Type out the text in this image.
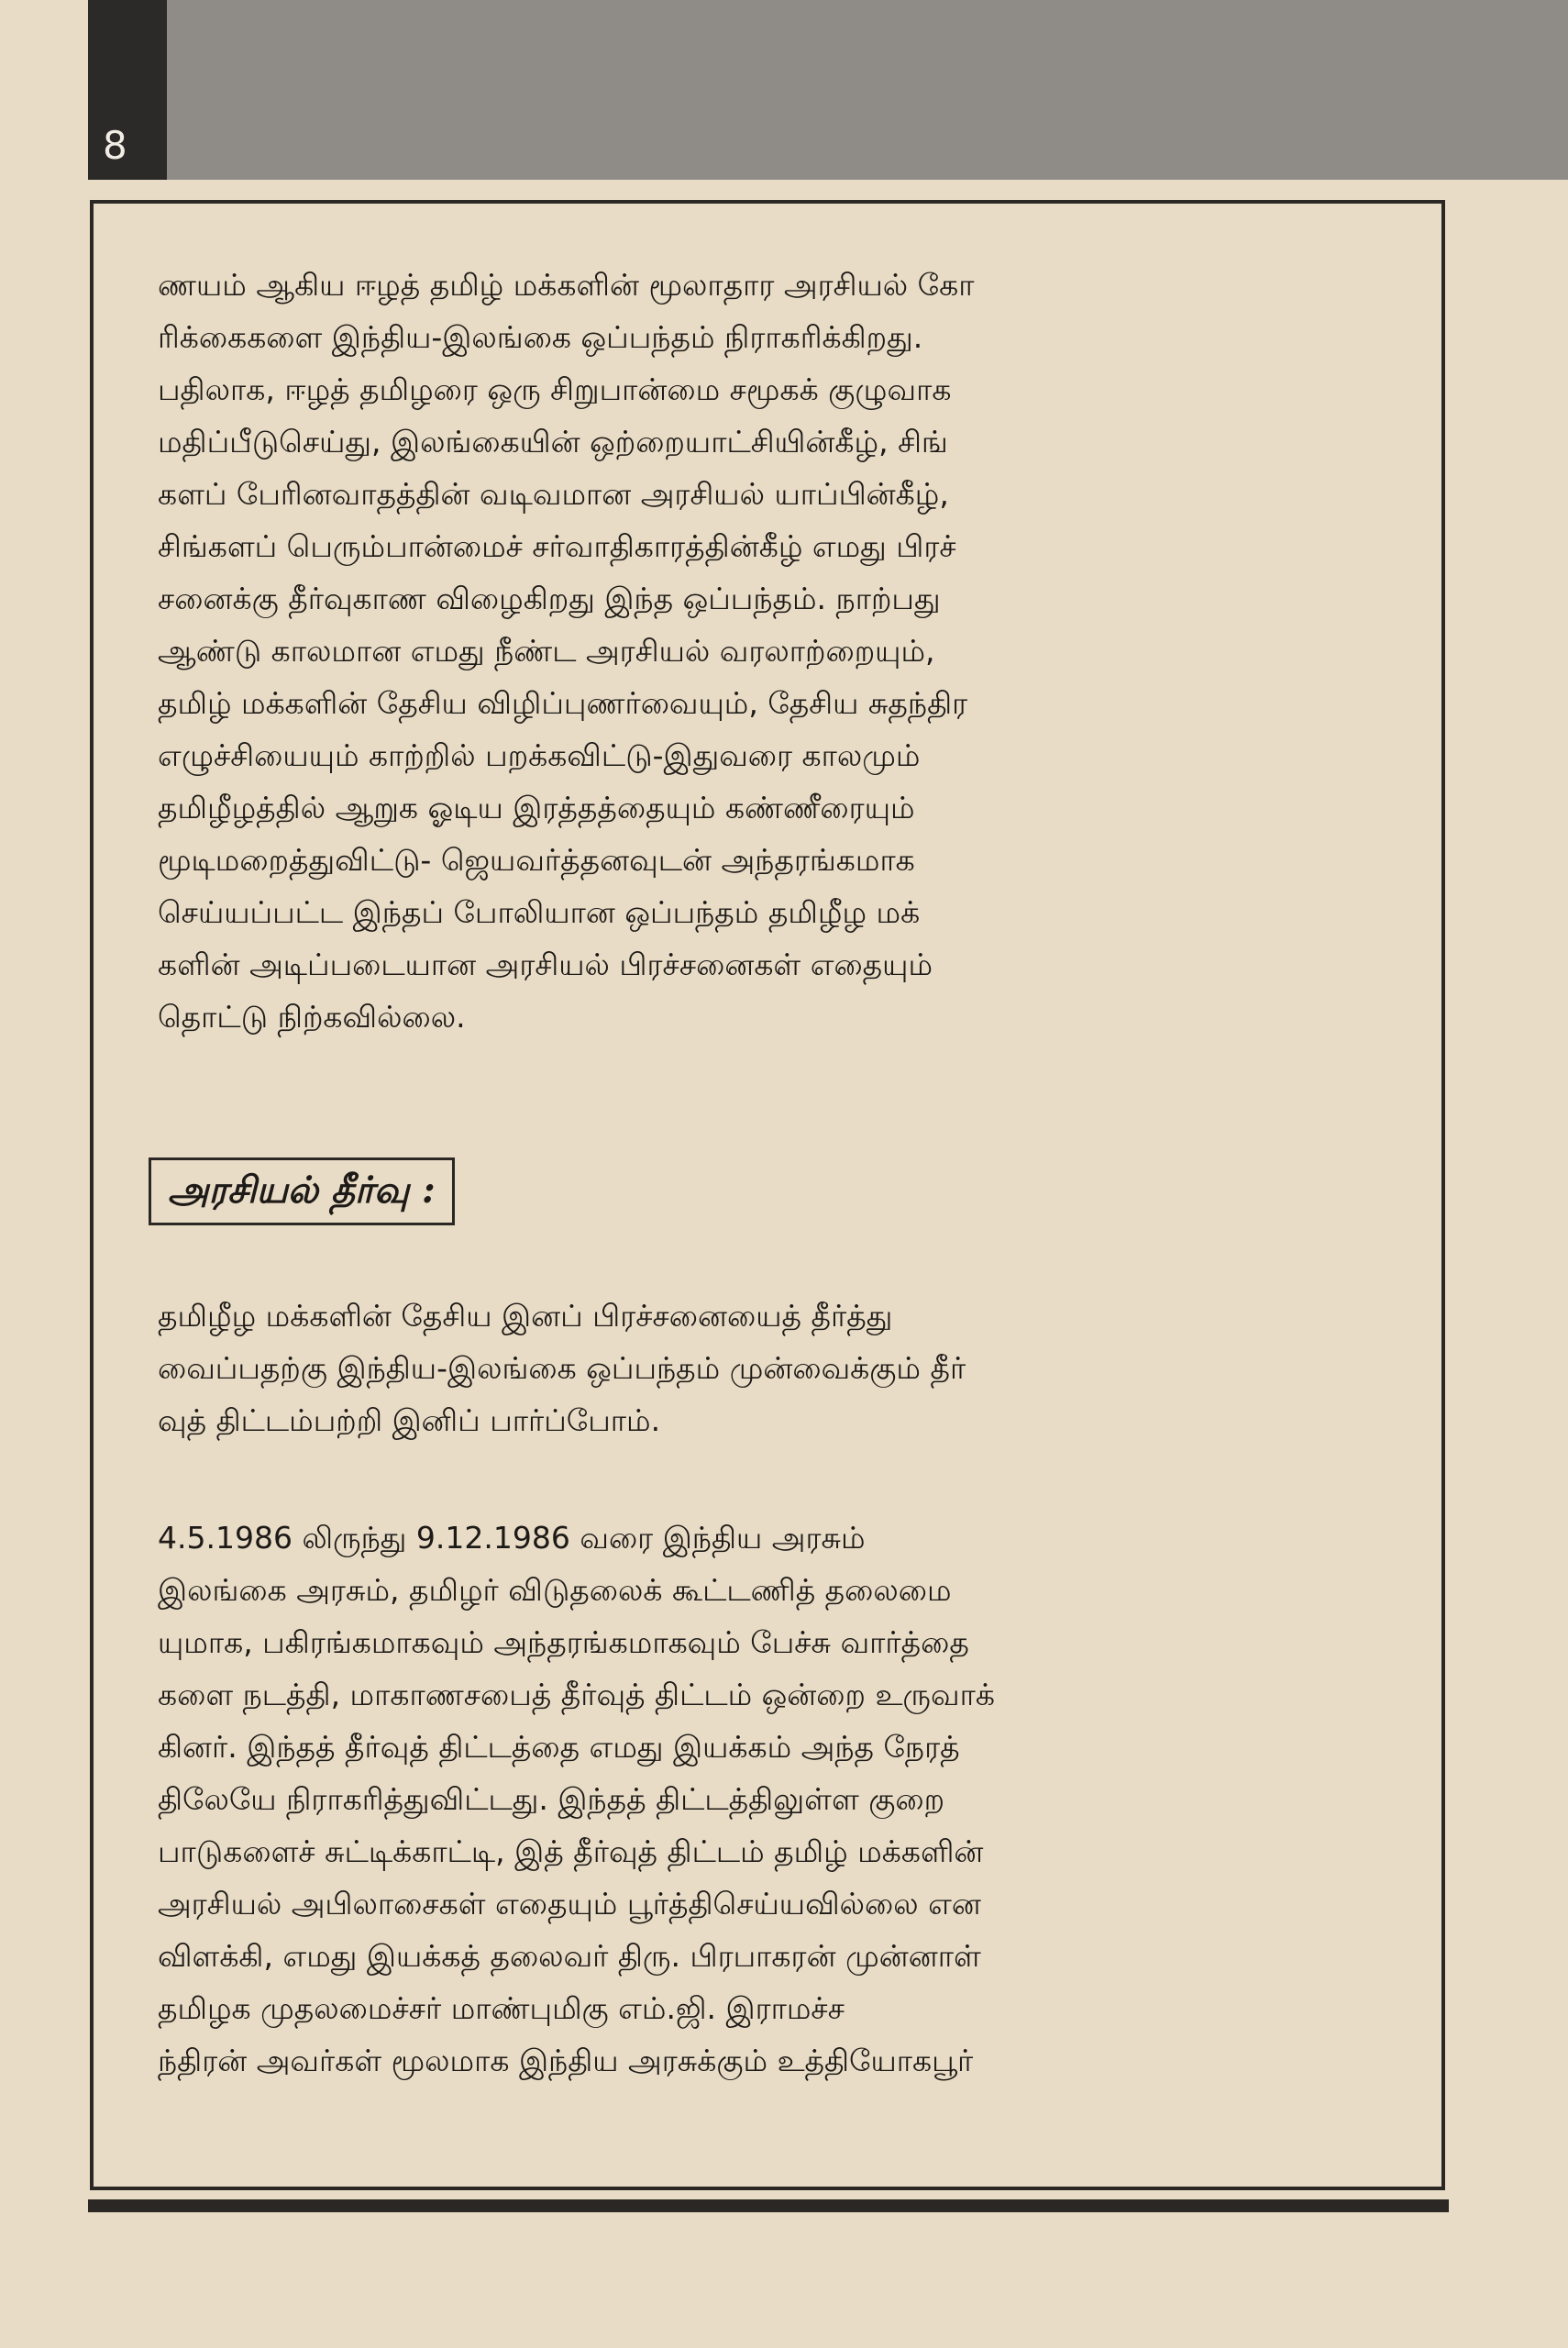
8
ணயம் ஆகிய ஈழத் தமிழ் மக்களின் மூலாதார அரசியல் கோ
ரிக்கைகளை இந்திய-இலங்கை ஒப்பந்தம் நிராகரிக்கிறது.
பதிலாக, ஈழத் தமிழரை ஒரு சிறுபான்மை சமூகக் குழுவாக
மதிப்பீடுசெய்து, இலங்கையின் ஒற்றையாட்சியின்கீழ், சிங்
களப் பேரினவாதத்தின் வடிவமான அரசியல் யாப்பின்கீழ்,
சிங்களப் பெரும்பான்மைச் சர்வாதிகாரத்தின்கீழ் எமது பிரச்
சனைக்கு தீர்வுகாண விழைகிறது இந்த ஒப்பந்தம். நாற்பது
ஆண்டு காலமான எமது நீண்ட அரசியல் வரலாற்றையும்,
தமிழ் மக்களின் தேசிய விழிப்புணர்வையும், தேசிய சுதந்திர
எழுச்சியையும் காற்றில் பறக்கவிட்டு-இதுவரை காலமும்
தமிழீழத்தில் ஆறுக ஓடிய இரத்தத்தையும் கண்ணீரையும்
மூடிமறைத்துவிட்டு- ஜெயவர்த்தனவுடன் அந்தரங்கமாக
செய்யப்பட்ட இந்தப் போலியான ஒப்பந்தம் தமிழீழ மக்
களின் அடிப்படையான அரசியல் பிரச்சனைகள் எதையும்
தொட்டு நிற்கவில்லை.
அரசியல் தீர்வு :
தமிழீழ மக்களின் தேசிய இனப் பிரச்சனையைத் தீர்த்து
வைப்பதற்கு இந்திய-இலங்கை ஒப்பந்தம் முன்வைக்கும் தீர்
வுத் திட்டம்பற்றி இனிப் பார்ப்போம்.
4.5.1986 லிருந்து 9.12.1986 வரை இந்திய அரசும்
இலங்கை அரசும், தமிழர் விடுதலைக் கூட்டணித் தலைமை
யுமாக, பகிரங்கமாகவும் அந்தரங்கமாகவும் பேச்சு வார்த்தை
களை நடத்தி, மாகாணசபைத் தீர்வுத் திட்டம் ஒன்றை உருவாக்
கினர். இந்தத் தீர்வுத் திட்டத்தை எமது இயக்கம் அந்த நேரத்
திலேயே நிராகரித்துவிட்டது. இந்தத் திட்டத்திலுள்ள குறை
பாடுகளைச் சுட்டிக்காட்டி, இத் தீர்வுத் திட்டம் தமிழ் மக்களின்
அரசியல் அபிலாசைகள் எதையும் பூர்த்திசெய்யவில்லை என
விளக்கி, எமது இயக்கத் தலைவர் திரு. பிரபாகரன் முன்னாள்
தமிழக முதலமைச்சர் மாண்புமிகு எம்.ஜி. இராமச்ச
ந்திரன் அவர்கள் மூலமாக இந்திய அரசுக்கும் உத்தியோகபூர்
